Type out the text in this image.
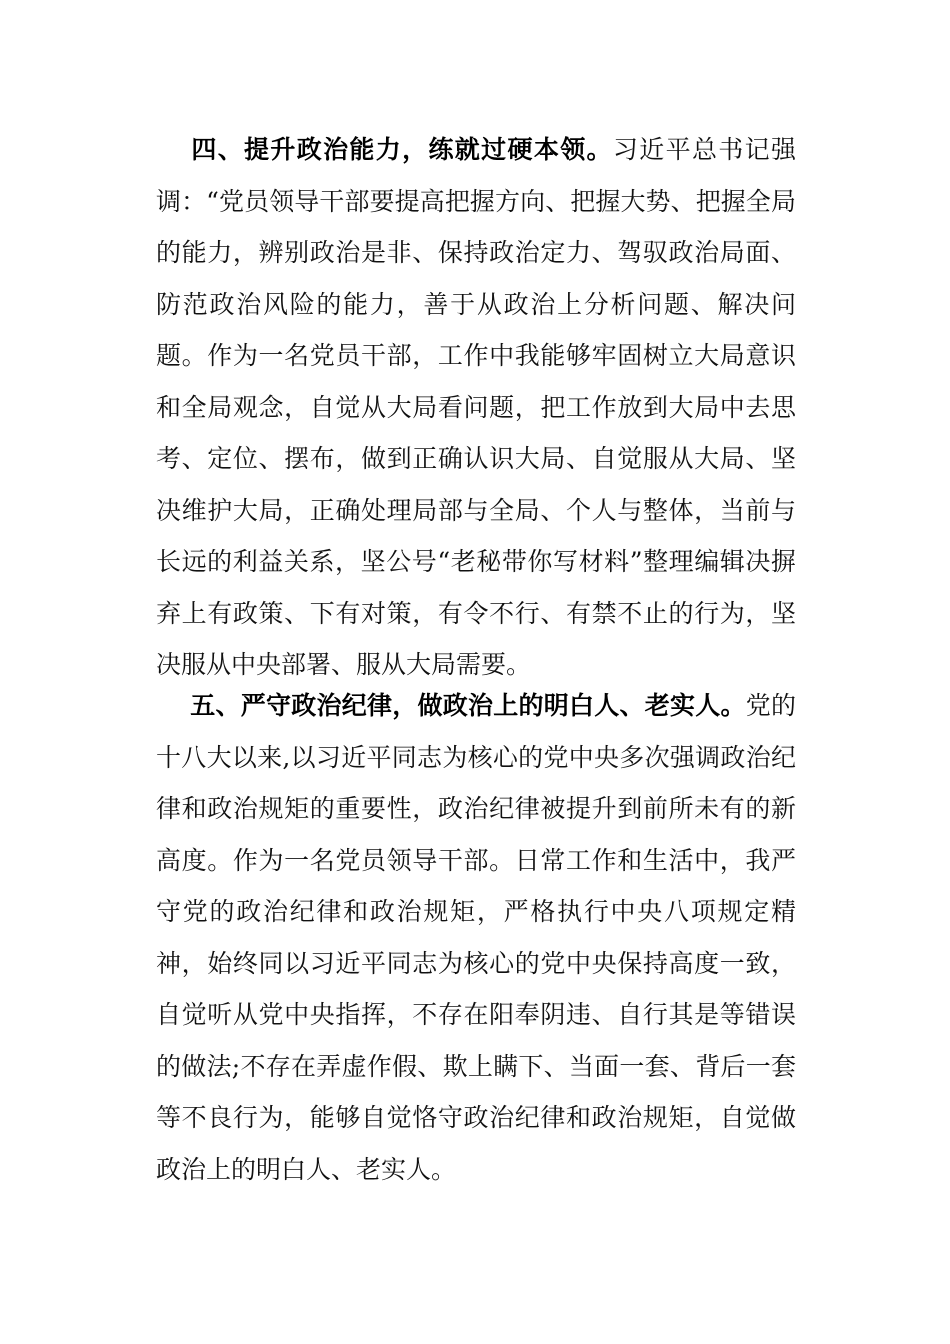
四、提升政治能力，练就过硬本领。习近平总书记强调：“党员领导干部要提高把握方向、把握大势、把握全局的能力，辨别政治是非、保持政治定力、驾驭政治局面、防范政治风险的能力，善于从政治上分析问题、解决问题。作为一名党员干部，工作中我能够牢固树立大局意识和全局观念，自觉从大局看问题，把工作放到大局中去思考、定位、摆布，做到正确认识大局、自觉服从大局、坚决维护大局，正确处理局部与全局、个人与整体，当前与长远的利益关系，坚公号“老秘带你写材料”整理编辑决摒弃上有政策、下有对策，有令不行、有禁不止的行为，坚决服从中央部署、服从大局需要。

五、严守政治纪律，做政治上的明白人、老实人。党的十八大以来,以习近平同志为核心的党中央多次强调政治纪律和政治规矩的重要性，政治纪律被提升到前所未有的新高度。作为一名党员领导干部。日常工作和生活中，我严守党的政治纪律和政治规矩，严格执行中央八项规定精神，始终同以习近平同志为核心的党中央保持高度一致，自觉听从党中央指挥，不存在阳奉阴违、自行其是等错误的做法;不存在弄虚作假、欺上瞒下、当面一套、背后一套等不良行为，能够自觉恪守政治纪律和政治规矩，自觉做政治上的明白人、老实人。
